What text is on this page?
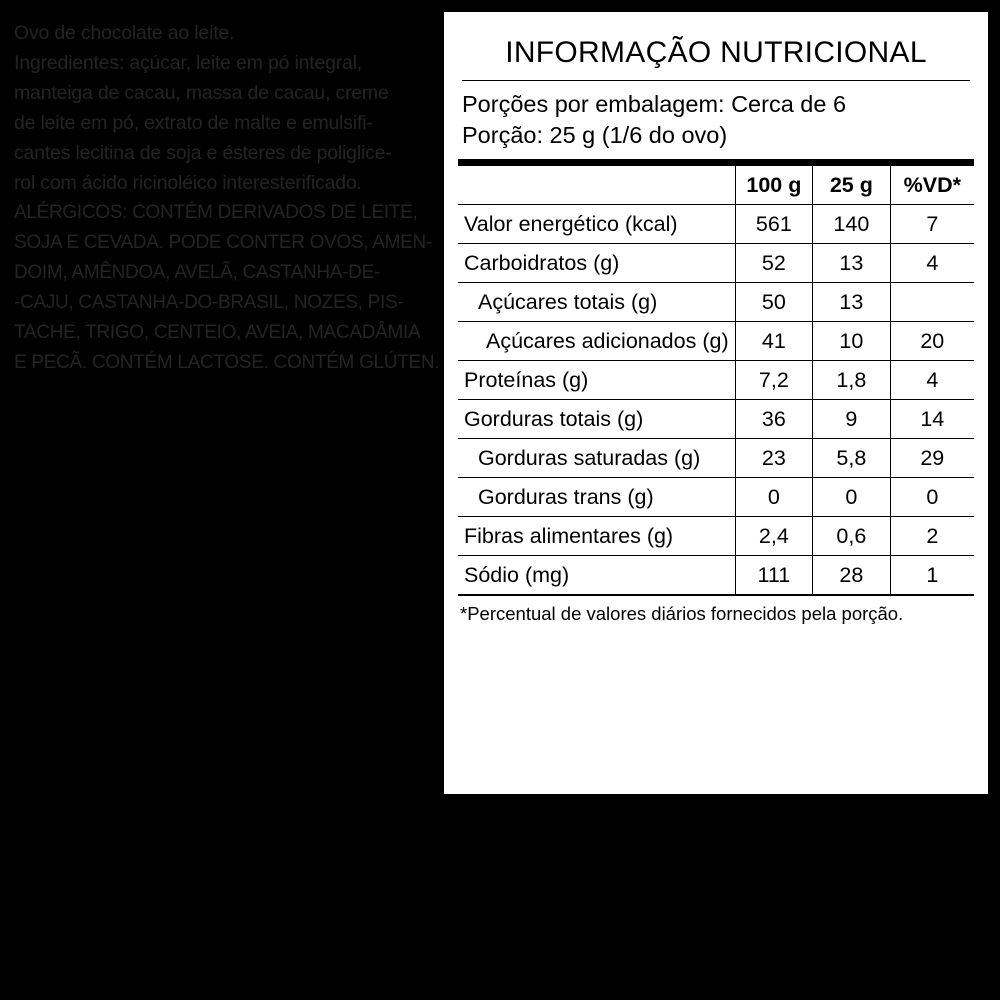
Ovo de chocolate ao leite.
Ingredientes: açúcar, leite em pó integral,
manteiga de cacau, massa de cacau, creme
de leite em pó, extrato de malte e emulsifi-
cantes lecitina de soja e ésteres de poliglice-
rol com ácido ricinoléico interesterificado.
ALÉRGICOS: CONTÉM DERIVADOS DE LEITE,
SOJA E CEVADA. PODE CONTER OVOS, AMEN-
DOIM, AMÊNDOA, AVELÃ, CASTANHA-DE-
-CAJU, CASTANHA-DO-BRASIL, NOZES, PIS-
TACHE, TRIGO, CENTEIO, AVEIA, MACADÂMIA
E PECÃ. CONTÉM LACTOSE. CONTÉM GLÚTEN.
INFORMAÇÃO NUTRICIONAL
Porções por embalagem: Cerca de 6
Porção: 25 g (1/6 do ovo)
	100 g	25 g	%VD*
Valor energético (kcal)	561	140	7
Carboidratos (g)	52	13	4
Açúcares totais (g)	50	13	
Açúcares adicionados (g)	41	10	20
Proteínas (g)	7,2	1,8	4
Gorduras totais (g)	36	9	14
Gorduras saturadas (g)	23	5,8	29
Gorduras trans (g)	0	0	0
Fibras alimentares (g)	2,4	0,6	2
Sódio (mg)	111	28	1
*Percentual de valores diários fornecidos pela porção.
